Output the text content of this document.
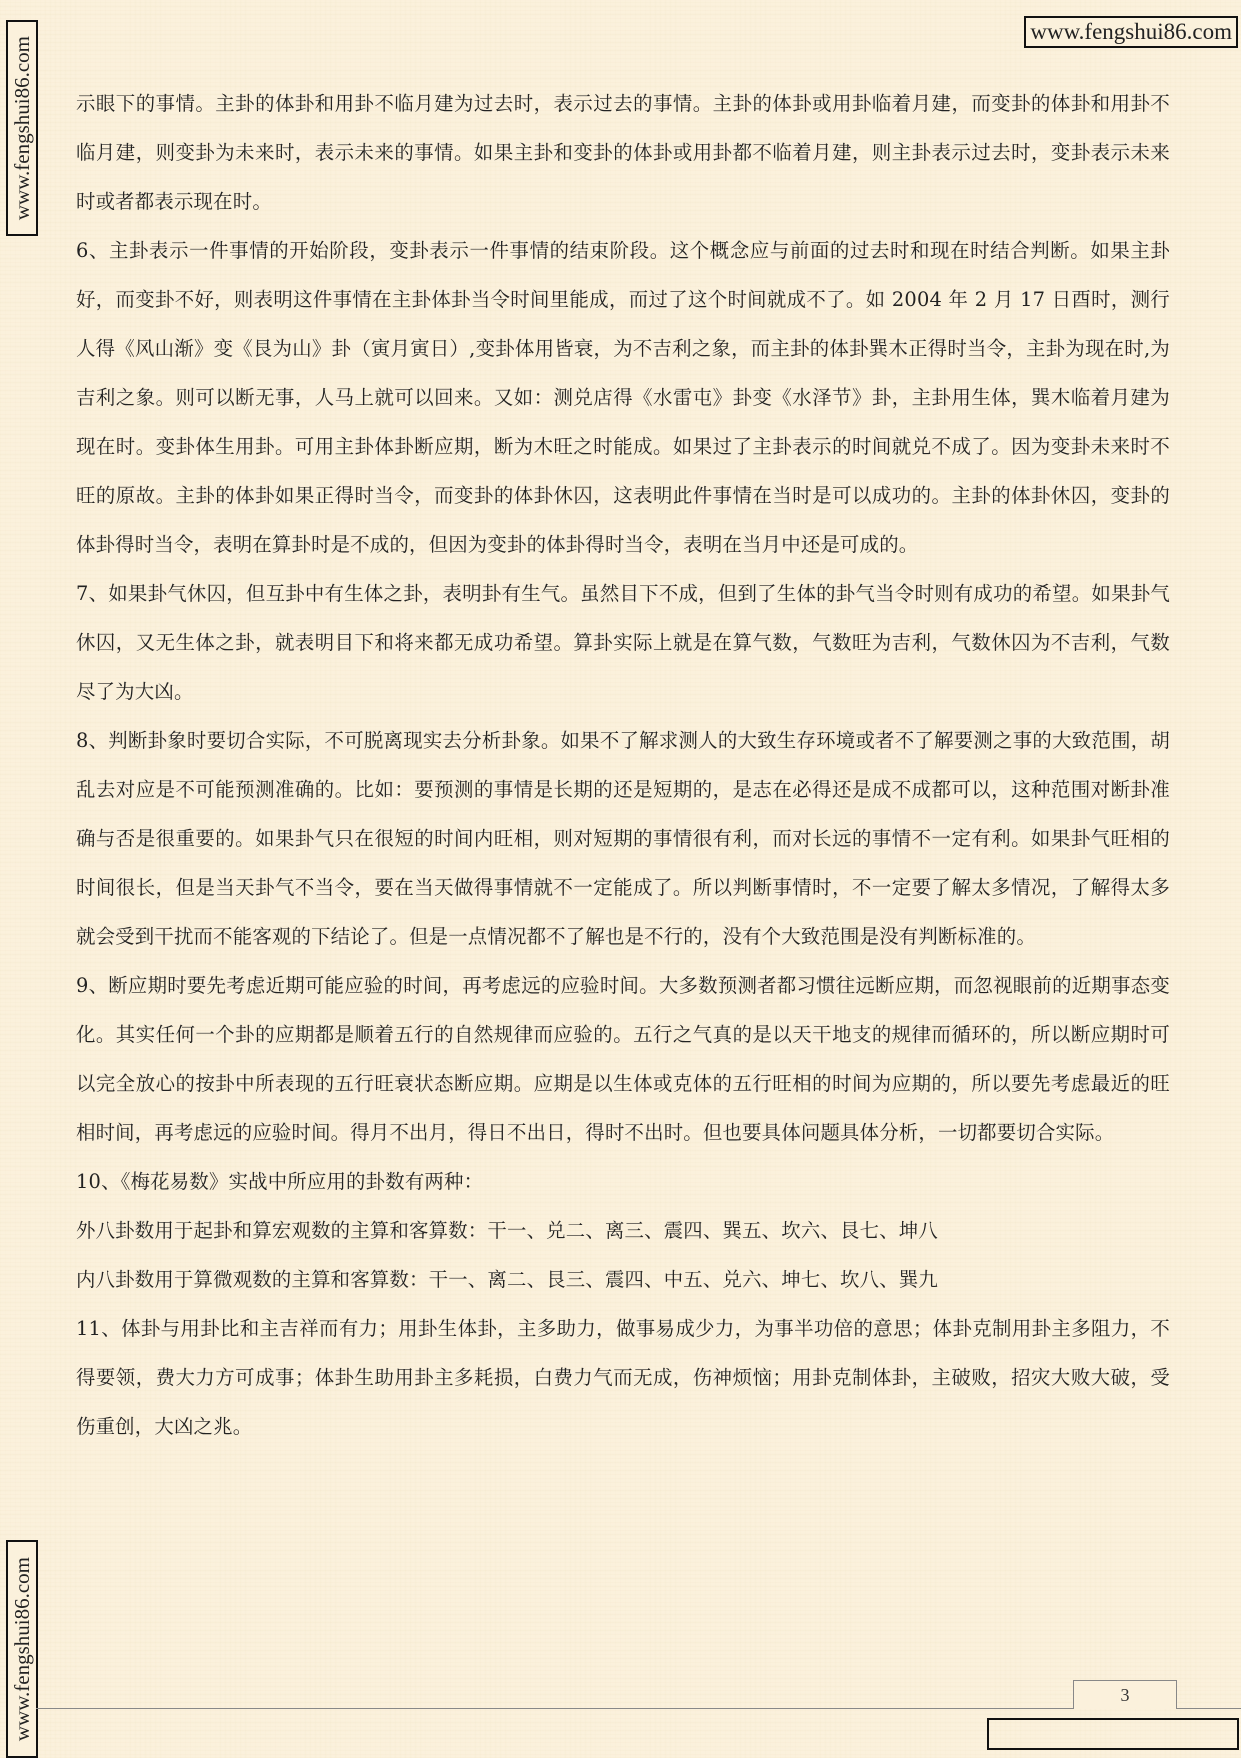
www.fengshui86.com
www.fengshui86.com
www.fengshui86.com

示眼下的事情。主卦的体卦和用卦不临月建为过去时，表示过去的事情。主卦的体卦或用卦临着月建，而变卦的体卦和用卦不临月建，则变卦为未来时，表示未来的事情。如果主卦和变卦的体卦或用卦都不临着月建，则主卦表示过去时，变卦表示未来时或者都表示现在时。

6、主卦表示一件事情的开始阶段，变卦表示一件事情的结束阶段。这个概念应与前面的过去时和现在时结合判断。如果主卦好，而变卦不好，则表明这件事情在主卦体卦当令时间里能成，而过了这个时间就成不了。如 2004 年 2 月 17 日酉时，测行人得《风山渐》变《艮为山》卦（寅月寅日）,变卦体用皆衰，为不吉利之象，而主卦的体卦巽木正得时当令，主卦为现在时,为吉利之象。则可以断无事，人马上就可以回来。又如：测兑店得《水雷屯》卦变《水泽节》卦，主卦用生体，巽木临着月建为现在时。变卦体生用卦。可用主卦体卦断应期，断为木旺之时能成。如果过了主卦表示的时间就兑不成了。因为变卦未来时不旺的原故。主卦的体卦如果正得时当令，而变卦的体卦休囚，这表明此件事情在当时是可以成功的。主卦的体卦休囚，变卦的体卦得时当令，表明在算卦时是不成的，但因为变卦的体卦得时当令，表明在当月中还是可成的。

7、如果卦气休囚，但互卦中有生体之卦，表明卦有生气。虽然目下不成，但到了生体的卦气当令时则有成功的希望。如果卦气休囚，又无生体之卦，就表明目下和将来都无成功希望。算卦实际上就是在算气数，气数旺为吉利，气数休囚为不吉利，气数尽了为大凶。

8、判断卦象时要切合实际，不可脱离现实去分析卦象。如果不了解求测人的大致生存环境或者不了解要测之事的大致范围，胡乱去对应是不可能预测准确的。比如：要预测的事情是长期的还是短期的，是志在必得还是成不成都可以，这种范围对断卦准确与否是很重要的。如果卦气只在很短的时间内旺相，则对短期的事情很有利，而对长远的事情不一定有利。如果卦气旺相的时间很长，但是当天卦气不当令，要在当天做得事情就不一定能成了。所以判断事情时，不一定要了解太多情况，了解得太多就会受到干扰而不能客观的下结论了。但是一点情况都不了解也是不行的，没有个大致范围是没有判断标准的。

9、断应期时要先考虑近期可能应验的时间，再考虑远的应验时间。大多数预测者都习惯往远断应期，而忽视眼前的近期事态变化。其实任何一个卦的应期都是顺着五行的自然规律而应验的。五行之气真的是以天干地支的规律而循环的，所以断应期时可以完全放心的按卦中所表现的五行旺衰状态断应期。应期是以生体或克体的五行旺相的时间为应期的，所以要先考虑最近的旺相时间，再考虑远的应验时间。得月不出月，得日不出日，得时不出时。但也要具体问题具体分析，一切都要切合实际。

10、《梅花易数》实战中所应用的卦数有两种：

外八卦数用于起卦和算宏观数的主算和客算数：干一、兑二、离三、震四、巽五、坎六、艮七、坤八

内八卦数用于算微观数的主算和客算数：干一、离二、艮三、震四、中五、兑六、坤七、坎八、巽九

11、体卦与用卦比和主吉祥而有力；用卦生体卦，主多助力，做事易成少力，为事半功倍的意思；体卦克制用卦主多阻力，不得要领，费大力方可成事；体卦生助用卦主多耗损，白费力气而无成，伤神烦恼；用卦克制体卦，主破败，招灾大败大破，受伤重创，大凶之兆。

3
